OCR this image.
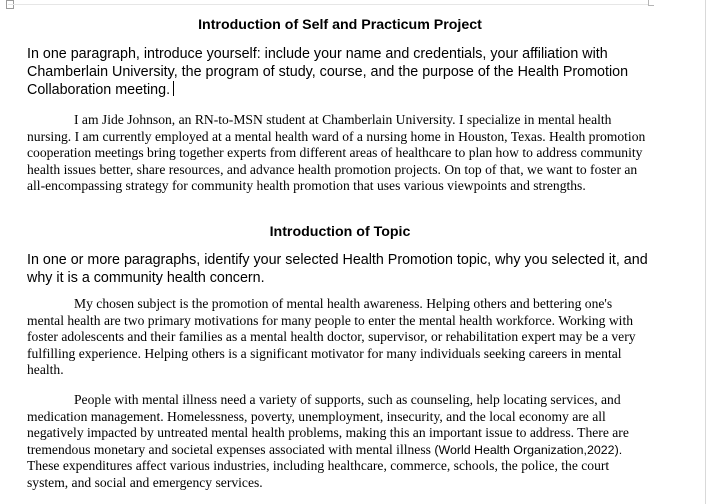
Introduction of Self and Practicum Project

In one paragraph, introduce yourself: include your name and credentials, your affiliation with Chamberlain University, the program of study, course, and the purpose of the Health Promotion Collaboration meeting.

I am Jide Johnson, an RN-to-MSN student at Chamberlain University. I specialize in mental health nursing. I am currently employed at a mental health ward of a nursing home in Houston, Texas. Health promotion cooperation meetings bring together experts from different areas of healthcare to plan how to address community health issues better, share resources, and advance health promotion projects. On top of that, we want to foster an all-encompassing strategy for community health promotion that uses various viewpoints and strengths.

Introduction of Topic

In one or more paragraphs, identify your selected Health Promotion topic, why you selected it, and why it is a community health concern.

My chosen subject is the promotion of mental health awareness. Helping others and bettering one's mental health are two primary motivations for many people to enter the mental health workforce. Working with foster adolescents and their families as a mental health doctor, supervisor, or rehabilitation expert may be a very fulfilling experience. Helping others is a significant motivator for many individuals seeking careers in mental health.

People with mental illness need a variety of supports, such as counseling, help locating services, and medication management. Homelessness, poverty, unemployment, insecurity, and the local economy are all negatively impacted by untreated mental health problems, making this an important issue to address. There are tremendous monetary and societal expenses associated with mental illness (World Health Organization,2022). These expenditures affect various industries, including healthcare, commerce, schools, the police, the court system, and social and emergency services.
